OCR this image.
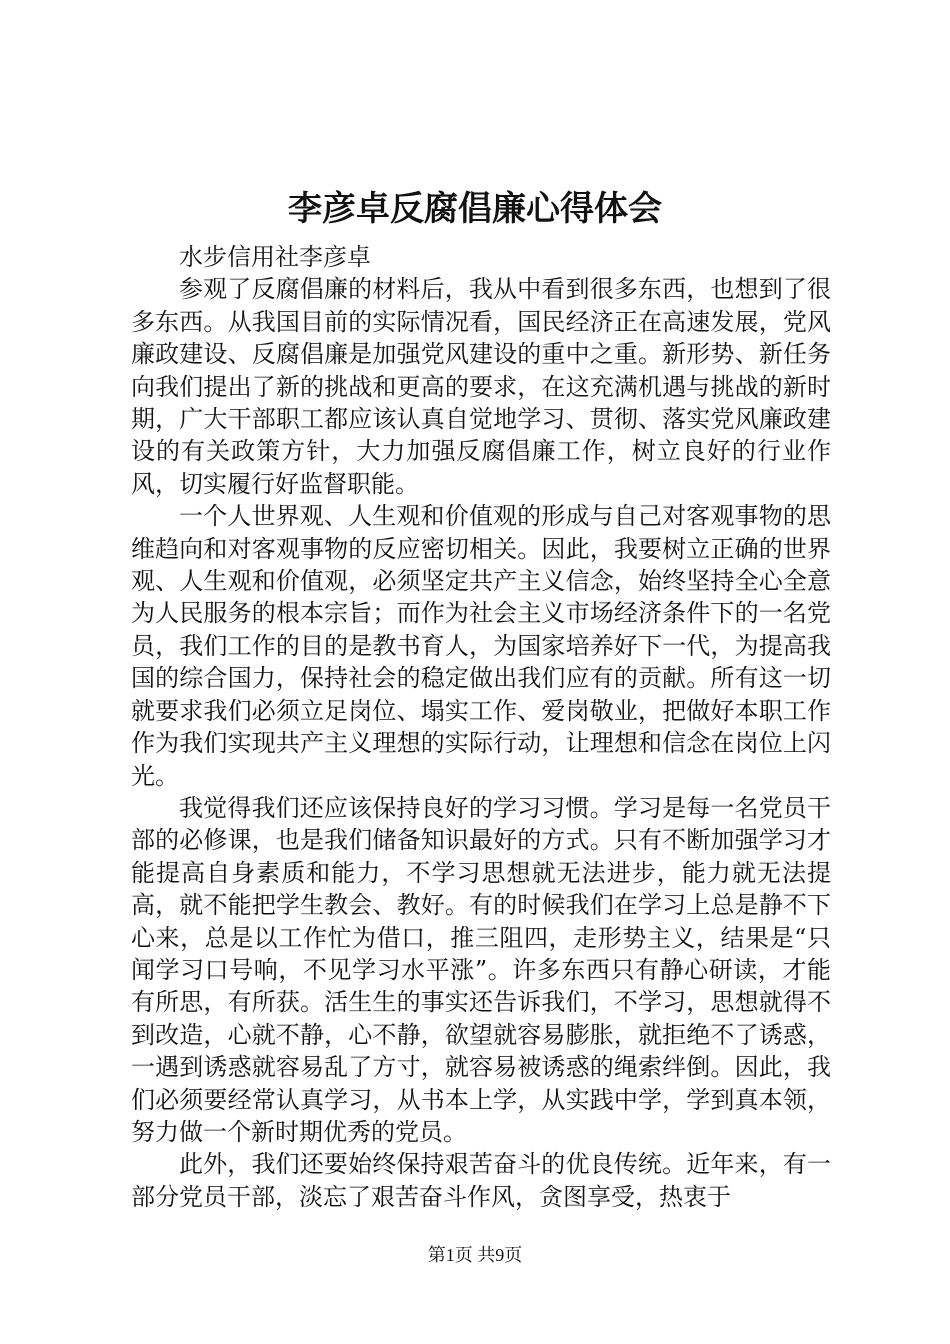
李彦卓反腐倡廉心得体会

水步信用社李彦卓

参观了反腐倡廉的材料后，我从中看到很多东西，也想到了很多东西。从我国目前的实际情况看，国民经济正在高速发展，党风廉政建设、反腐倡廉是加强党风建设的重中之重。新形势、新任务向我们提出了新的挑战和更高的要求，在这充满机遇与挑战的新时期，广大干部职工都应该认真自觉地学习、贯彻、落实党风廉政建设的有关政策方针，大力加强反腐倡廉工作，树立良好的行业作风，切实履行好监督职能。

一个人世界观、人生观和价值观的形成与自己对客观事物的思维趋向和对客观事物的反应密切相关。因此，我要树立正确的世界观、人生观和价值观，必须坚定共产主义信念，始终坚持全心全意为人民服务的根本宗旨；而作为社会主义市场经济条件下的一名党员，我们工作的目的是教书育人，为国家培养好下一代，为提高我国的综合国力，保持社会的稳定做出我们应有的贡献。所有这一切就要求我们必须立足岗位、塌实工作、爱岗敬业，把做好本职工作作为我们实现共产主义理想的实际行动，让理想和信念在岗位上闪光。

我觉得我们还应该保持良好的学习习惯。学习是每一名党员干部的必修课，也是我们储备知识最好的方式。只有不断加强学习才能提高自身素质和能力，不学习思想就无法进步，能力就无法提高，就不能把学生教会、教好。有的时候我们在学习上总是静不下心来，总是以工作忙为借口，推三阻四，走形势主义，结果是“只闻学习口号响，不见学习水平涨”。许多东西只有静心研读，才能有所思，有所获。活生生的事实还告诉我们，不学习，思想就得不到改造，心就不静，心不静，欲望就容易膨胀，就拒绝不了诱惑，一遇到诱惑就容易乱了方寸，就容易被诱惑的绳索绊倒。因此，我们必须要经常认真学习，从书本上学，从实践中学，学到真本领，努力做一个新时期优秀的党员。

此外，我们还要始终保持艰苦奋斗的优良传统。近年来，有一部分党员干部，淡忘了艰苦奋斗作风，贪图享受，热衷于

第1页 共9页
